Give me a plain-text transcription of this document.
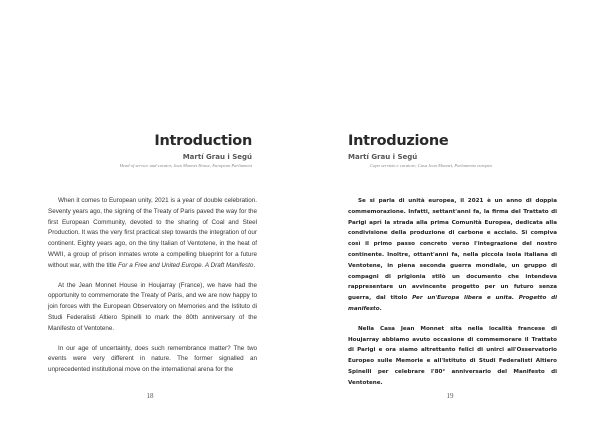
Introduction
Martí Grau i Segú
Head of service and curator, Jean Monnet House, European Parliament

When it comes to European unity, 2021 is a year of double celebration. Seventy years ago, the signing of the Treaty of Paris paved the way for the first European Community, devoted to the sharing of Coal and Steel Production. It was the very first practical step towards the integration of our continent. Eighty years ago, on the tiny Italian of Ventotene, in the heat of WWII, a group of prison inmates wrote a compelling blueprint for a future without war, with the title For a Free and United Europe. A Draft Manifesto.

At the Jean Monnet House in Houjarray (France), we have had the opportunity to commemorate the Treaty of Paris, and we are now happy to join forces with the European Observatory on Memories and the Istituto di Studi Federalisti Altiero Spinelli to mark the 80th anniversary of the Manifesto of Ventotene.

In our age of uncertainty, does such remembrance matter? The two events were very different in nature. The former signalled an unprecedented institutional move on the international arena for the

18
Introduzione
Martí Grau i Segú
Capo servizio e curatore, Casa Jean Monnet, Parlamento europeo

Se si parla di unità europea, il 2021 è un anno di doppia commemorazione. Infatti, settant'anni fa, la firma del Trattato di Parigi aprì la strada alla prima Comunità Europea, dedicata alla condivisione della produzione di carbone e acciaio. Si compiva così il primo passo concreto verso l'integrazione del nostro continente. Inoltre, ottant'anni fa, nella piccola isola italiana di Ventotene, in piena seconda guerra mondiale, un gruppo di compagni di prigionia stilò un documento che intendeva rappresentare un avvincente progetto per un futuro senza guerra, dal titolo Per un'Europa libera e unita. Progetto di manifesto.

Nella Casa Jean Monnet sita nella località francese di Houjarray abbiamo avuto occasione di commemorare il Trattato di Parigi e ora siamo altrettanto felici di unirci all'Osservatorio Europeo sulle Memorie e all'Istituto di Studi Federalisti Altiero Spinelli per celebrare l'80° anniversario del Manifesto di Ventotene.

19
